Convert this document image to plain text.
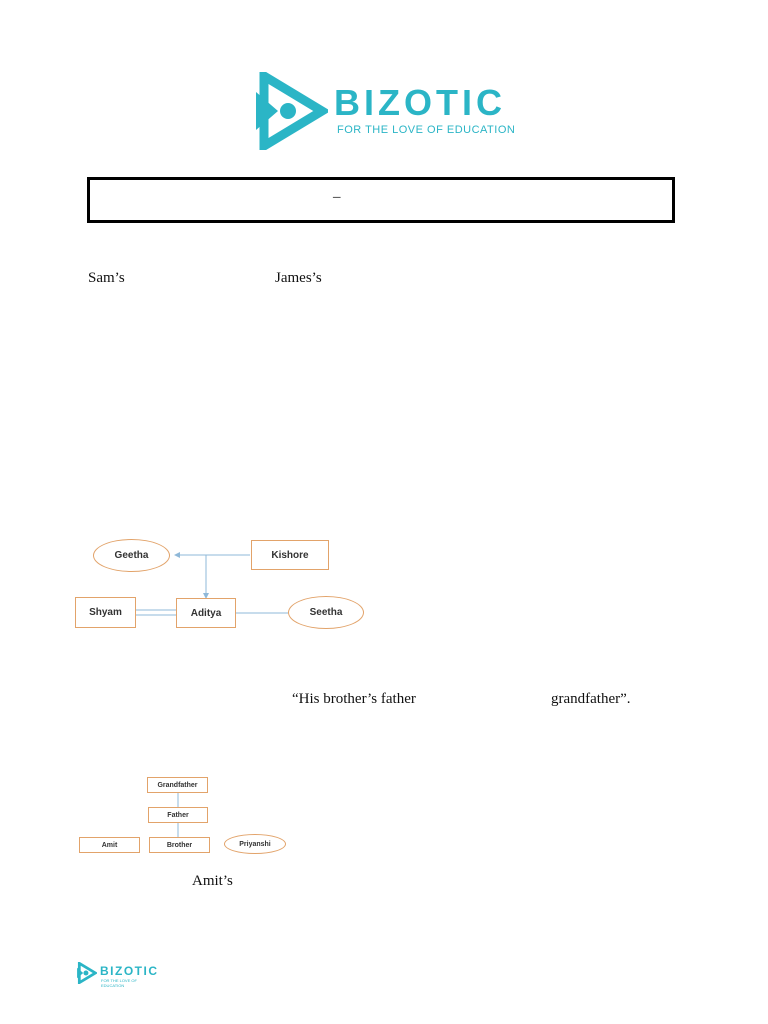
BIZOTIC
FOR THE LOVE OF EDUCATION
–
Sam’s	James’s
Geetha	Kishore
Shyam	Aditya	Seetha
“His brother’s father	grandfather”.
Grandfather
Father
Amit	Brother	Priyanshi
Amit’s
BIZOTIC
FOR THE LOVE OF EDUCATION
